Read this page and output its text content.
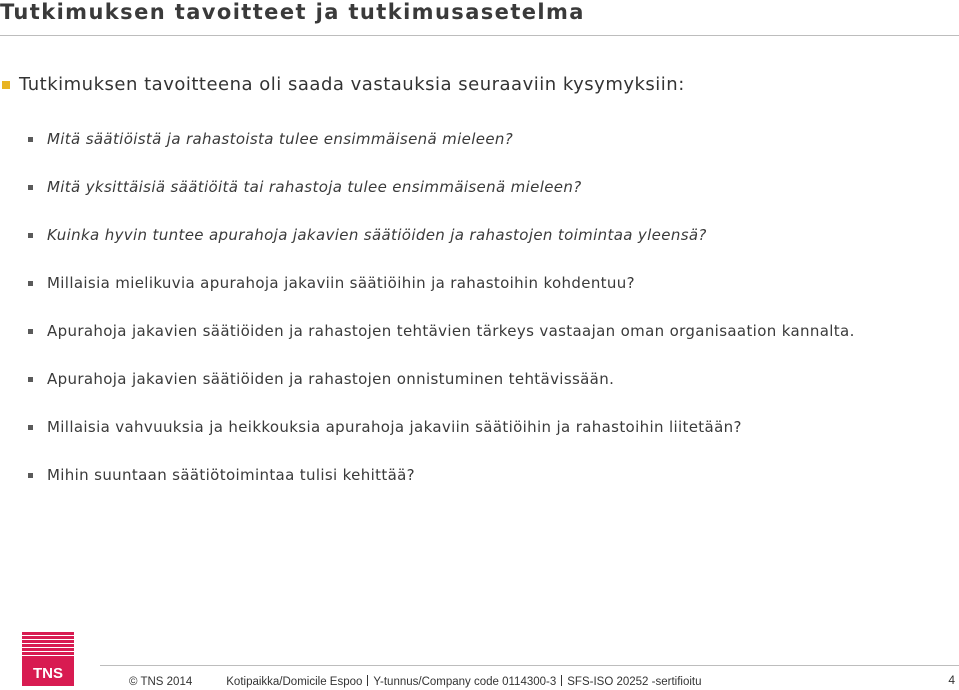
Tutkimuksen tavoitteet ja tutkimusasetelma
Tutkimuksen tavoitteena oli saada vastauksia seuraaviin kysymyksiin:
Mitä säätiöistä ja rahastoista tulee ensimmäisenä mieleen?
Mitä yksittäisiä säätiöitä tai rahastoja tulee ensimmäisenä mieleen?
Kuinka hyvin tuntee apurahoja jakavien säätiöiden ja rahastojen toimintaa yleensä?
Millaisia mielikuvia apurahoja jakaviin säätiöihin ja rahastoihin kohdentuu?
Apurahoja jakavien säätiöiden ja rahastojen tehtävien tärkeys vastaajan oman organisaation kannalta.
Apurahoja jakavien säätiöiden ja rahastojen onnistuminen tehtävissään.
Millaisia vahvuuksia ja heikkouksia apurahoja jakaviin säätiöihin ja rahastoihin liitetään?
Mihin suuntaan säätiötoimintaa tulisi kehittää?
TNS	© TNS 2014	Kotipaikka/Domicile Espoo Y-tunnus/Company code 0114300-3 SFS-ISO 20252 -sertifioitu	4
